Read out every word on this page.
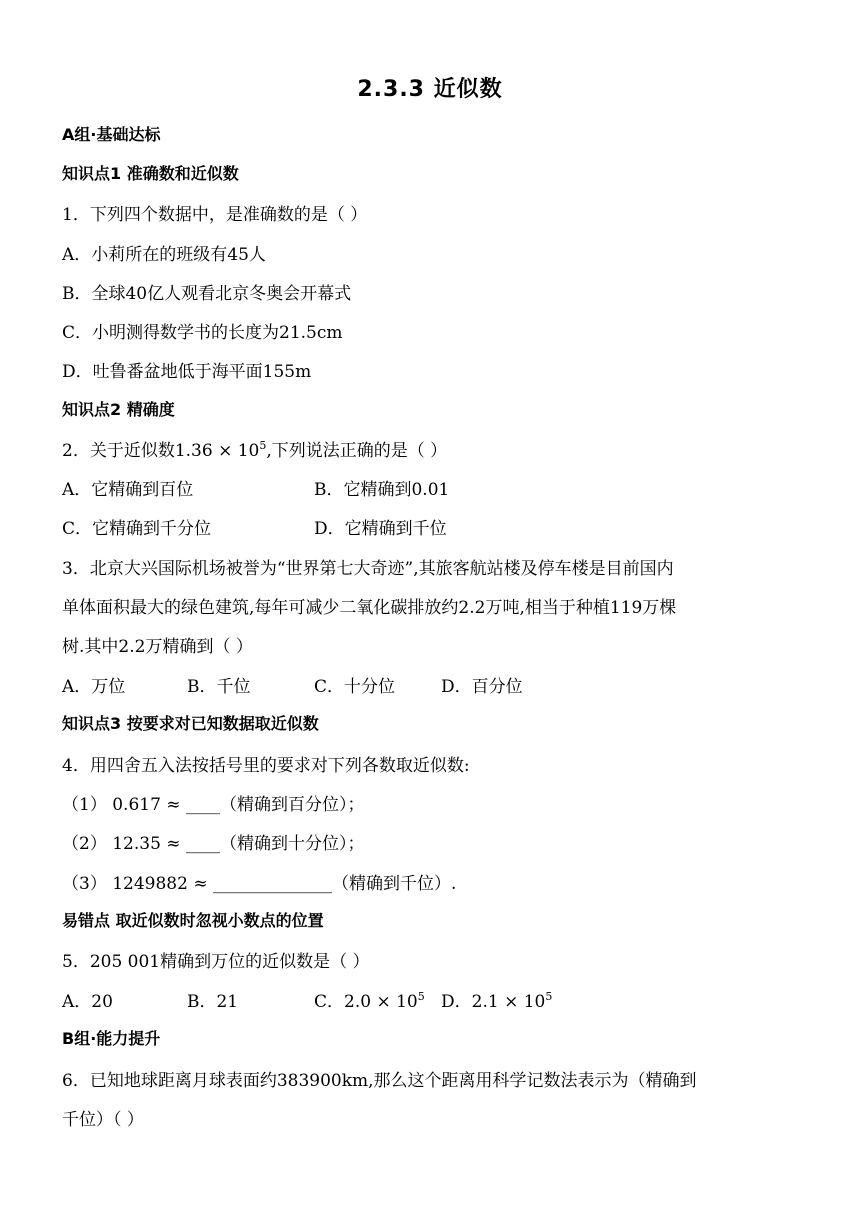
2.3.3 近似数
A组·基础达标
知识点1 准确数和近似数
1．下列四个数据中，是准确数的是（ ）
A．小莉所在的班级有45人
B．全球40亿人观看北京冬奥会开幕式
C．小明测得数学书的长度为21.5cm
D．吐鲁番盆地低于海平面155m
知识点2 精确度
2．关于近似数$1.36 \times 10^5$,下列说法正确的是（ ）
A．它精确到百位	B．它精确到0.01
C．它精确到千分位	D．它精确到千位
3．北京大兴国际机场被誉为“世界第七大奇迹”,其旅客航站楼及停车楼是目前国内
单体面积最大的绿色建筑,每年可减少二氧化碳排放约2.2万吨,相当于种植119万棵
树.其中2.2万精确到（ ）
A．万位	B．千位	C．十分位	D．百分位
知识点3 按要求对已知数据取近似数
4．用四舍五入法按括号里的要求对下列各数取近似数:
（1） 0.617 ≈ ____（精确到百分位）；
（2） 12.35 ≈ ____（精确到十分位）；
（3） 1249882 ≈ ______________（精确到千位）.
易错点 取近似数时忽视小数点的位置
5．205 001精确到万位的近似数是（ ）
A．20	B．21	C．$2.0 \times 10^5$ D．$2.1 \times 10^5$
B组·能力提升
6．已知地球距离月球表面约383900km,那么这个距离用科学记数法表示为（精确到
千位）（ ）
